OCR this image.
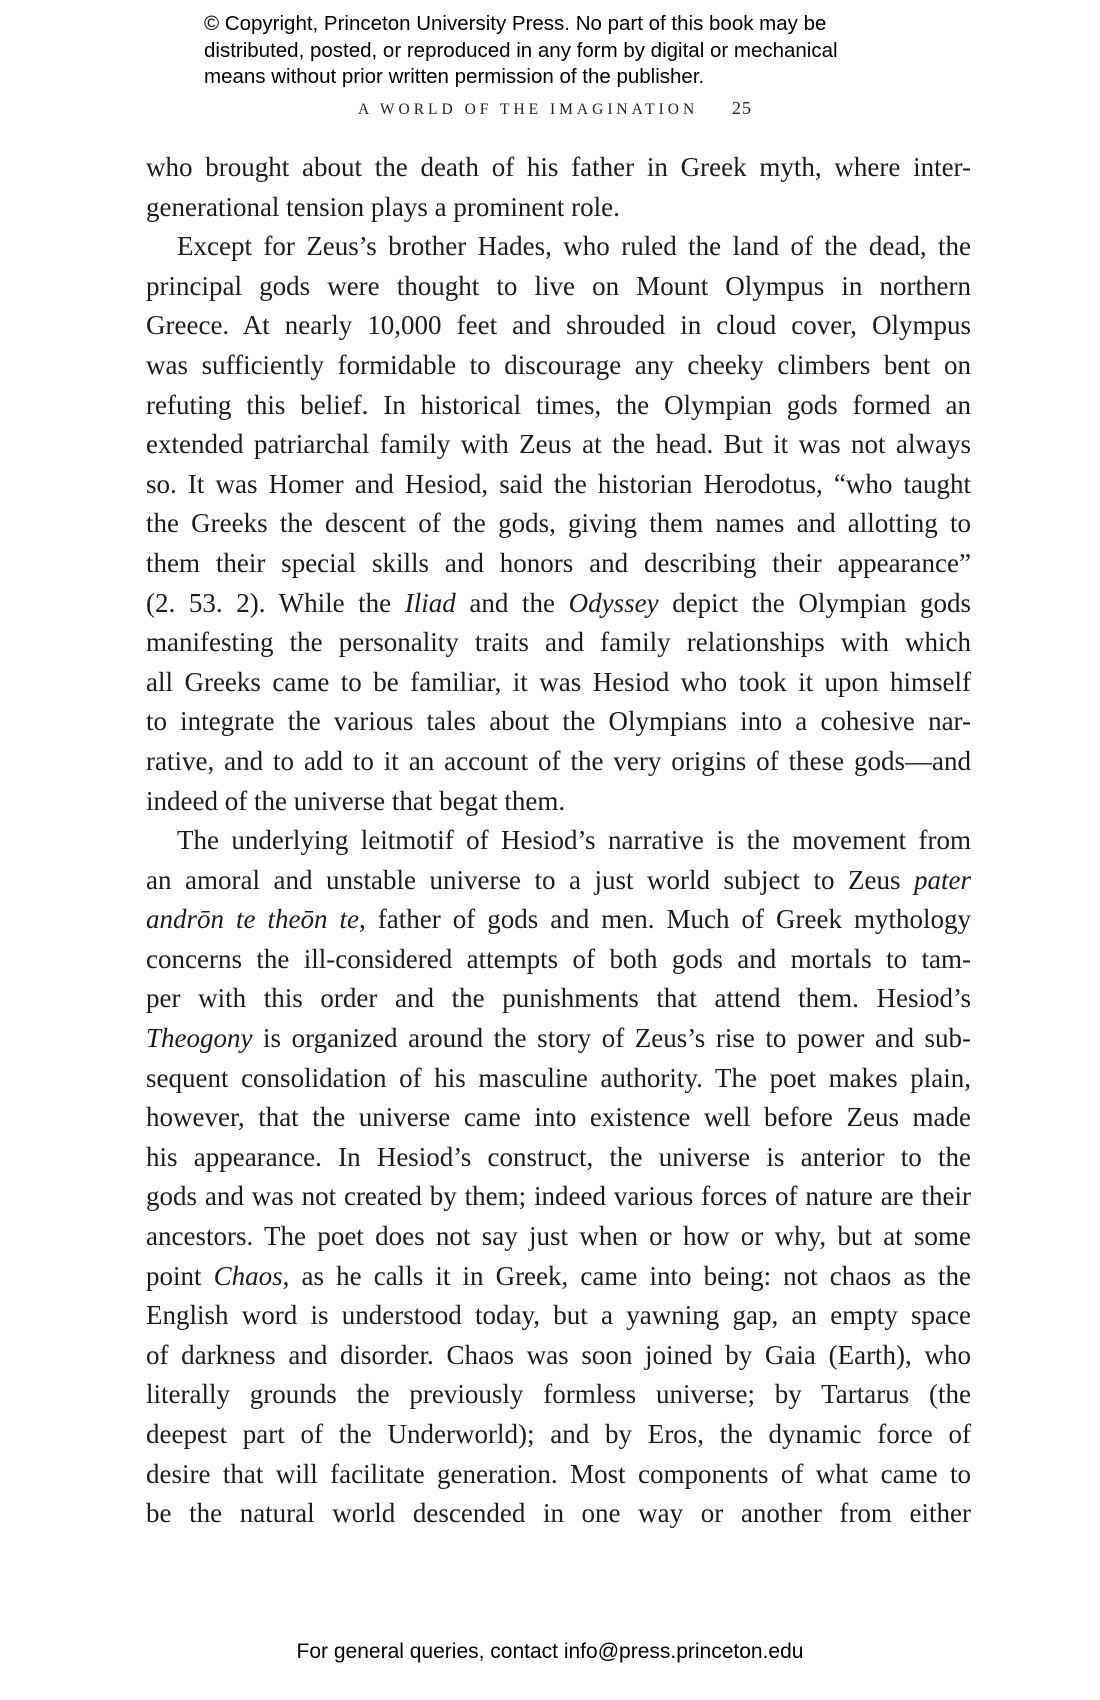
© Copyright, Princeton University Press. No part of this book may be
distributed, posted, or reproduced in any form by digital or mechanical
means without prior written permission of the publisher.
A WORLD OF THE IMAGINATION 25
who brought about the death of his father in Greek myth, where inter-
generational tension plays a prominent role.
Except for Zeus’s brother Hades, who ruled the land of the dead, the
principal gods were thought to live on Mount Olympus in northern
Greece. At nearly 10,000 feet and shrouded in cloud cover, Olympus
was sufficiently formidable to discourage any cheeky climbers bent on
refuting this belief. In historical times, the Olympian gods formed an
extended patriarchal family with Zeus at the head. But it was not always
so. It was Homer and Hesiod, said the historian Herodotus, “who taught
the Greeks the descent of the gods, giving them names and allotting to
them their special skills and honors and describing their appearance”
(2. 53. 2). While the Iliad and the Odyssey depict the Olympian gods
manifesting the personality traits and family relationships with which
all Greeks came to be familiar, it was Hesiod who took it upon himself
to integrate the various tales about the Olympians into a cohesive nar-
rative, and to add to it an account of the very origins of these gods—and
indeed of the universe that begat them.
The underlying leitmotif of Hesiod’s narrative is the movement from
an amoral and unstable universe to a just world subject to Zeus pater
andrōn te theōn te, father of gods and men. Much of Greek mythology
concerns the ill-considered attempts of both gods and mortals to tam-
per with this order and the punishments that attend them. Hesiod’s
Theogony is organized around the story of Zeus’s rise to power and sub-
sequent consolidation of his masculine authority. The poet makes plain,
however, that the universe came into existence well before Zeus made
his appearance. In Hesiod’s construct, the universe is anterior to the
gods and was not created by them; indeed various forces of nature are their
ancestors. The poet does not say just when or how or why, but at some
point Chaos, as he calls it in Greek, came into being: not chaos as the
English word is understood today, but a yawning gap, an empty space
of darkness and disorder. Chaos was soon joined by Gaia (Earth), who
literally grounds the previously formless universe; by Tartarus (the
deepest part of the Underworld); and by Eros, the dynamic force of
desire that will facilitate generation. Most components of what came to
be the natural world descended in one way or another from either
For general queries, contact info@press.princeton.edu
